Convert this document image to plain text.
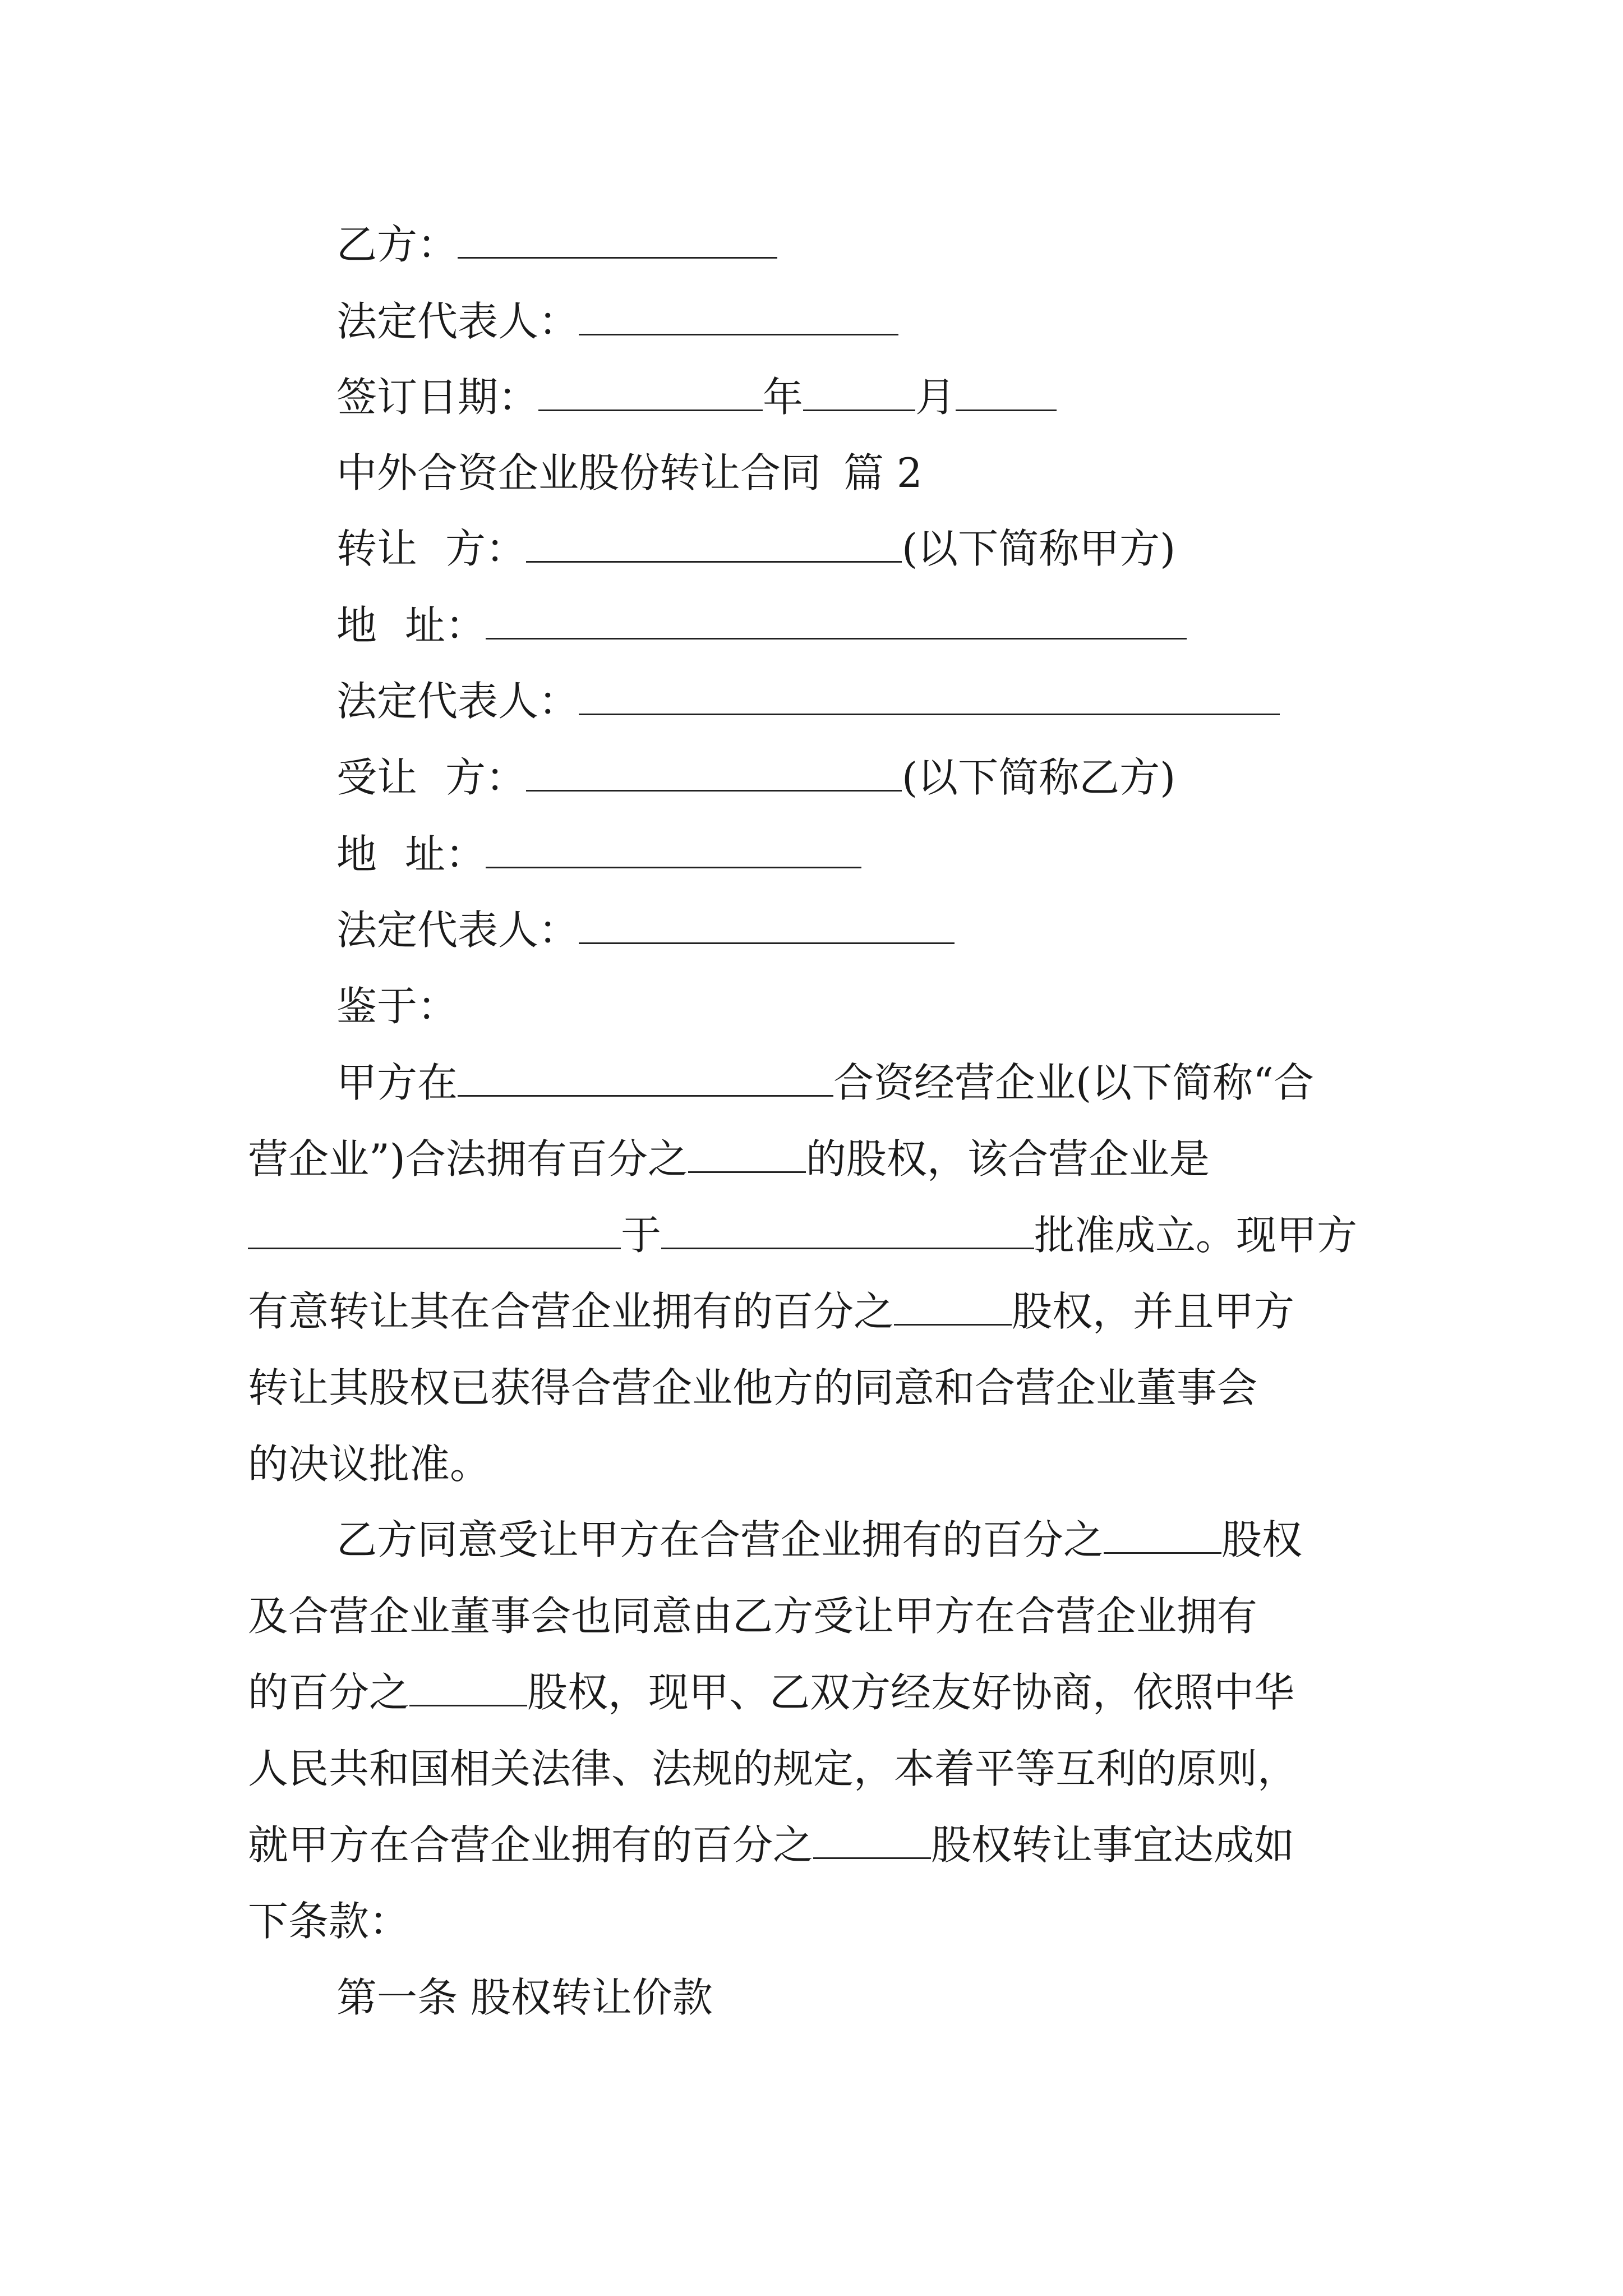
乙方：
法定代表人：
签订日期：	年	月
中外合资企业股份转让合同 篇 2
转让 方：	(以下简称甲方)
地 址：
法定代表人：
受让 方：	(以下简称乙方)
地 址：
法定代表人：
鉴于：
甲方在	合资经营企业(以下简称“合
营企业”)合法拥有百分之	的股权，该合营企业是
于	批准成立。现甲方
有意转让其在合营企业拥有的百分之	股权，并且甲方
转让其股权已获得合营企业他方的同意和合营企业董事会
的决议批准。
乙方同意受让甲方在合营企业拥有的百分之	股权
及合营企业董事会也同意由乙方受让甲方在合营企业拥有
的百分之	股权，现甲、乙双方经友好协商，依照中华
人民共和国相关法律、法规的规定，本着平等互利的原则，
就甲方在合营企业拥有的百分之	股权转让事宜达成如
下条款：
第一条 股权转让价款
